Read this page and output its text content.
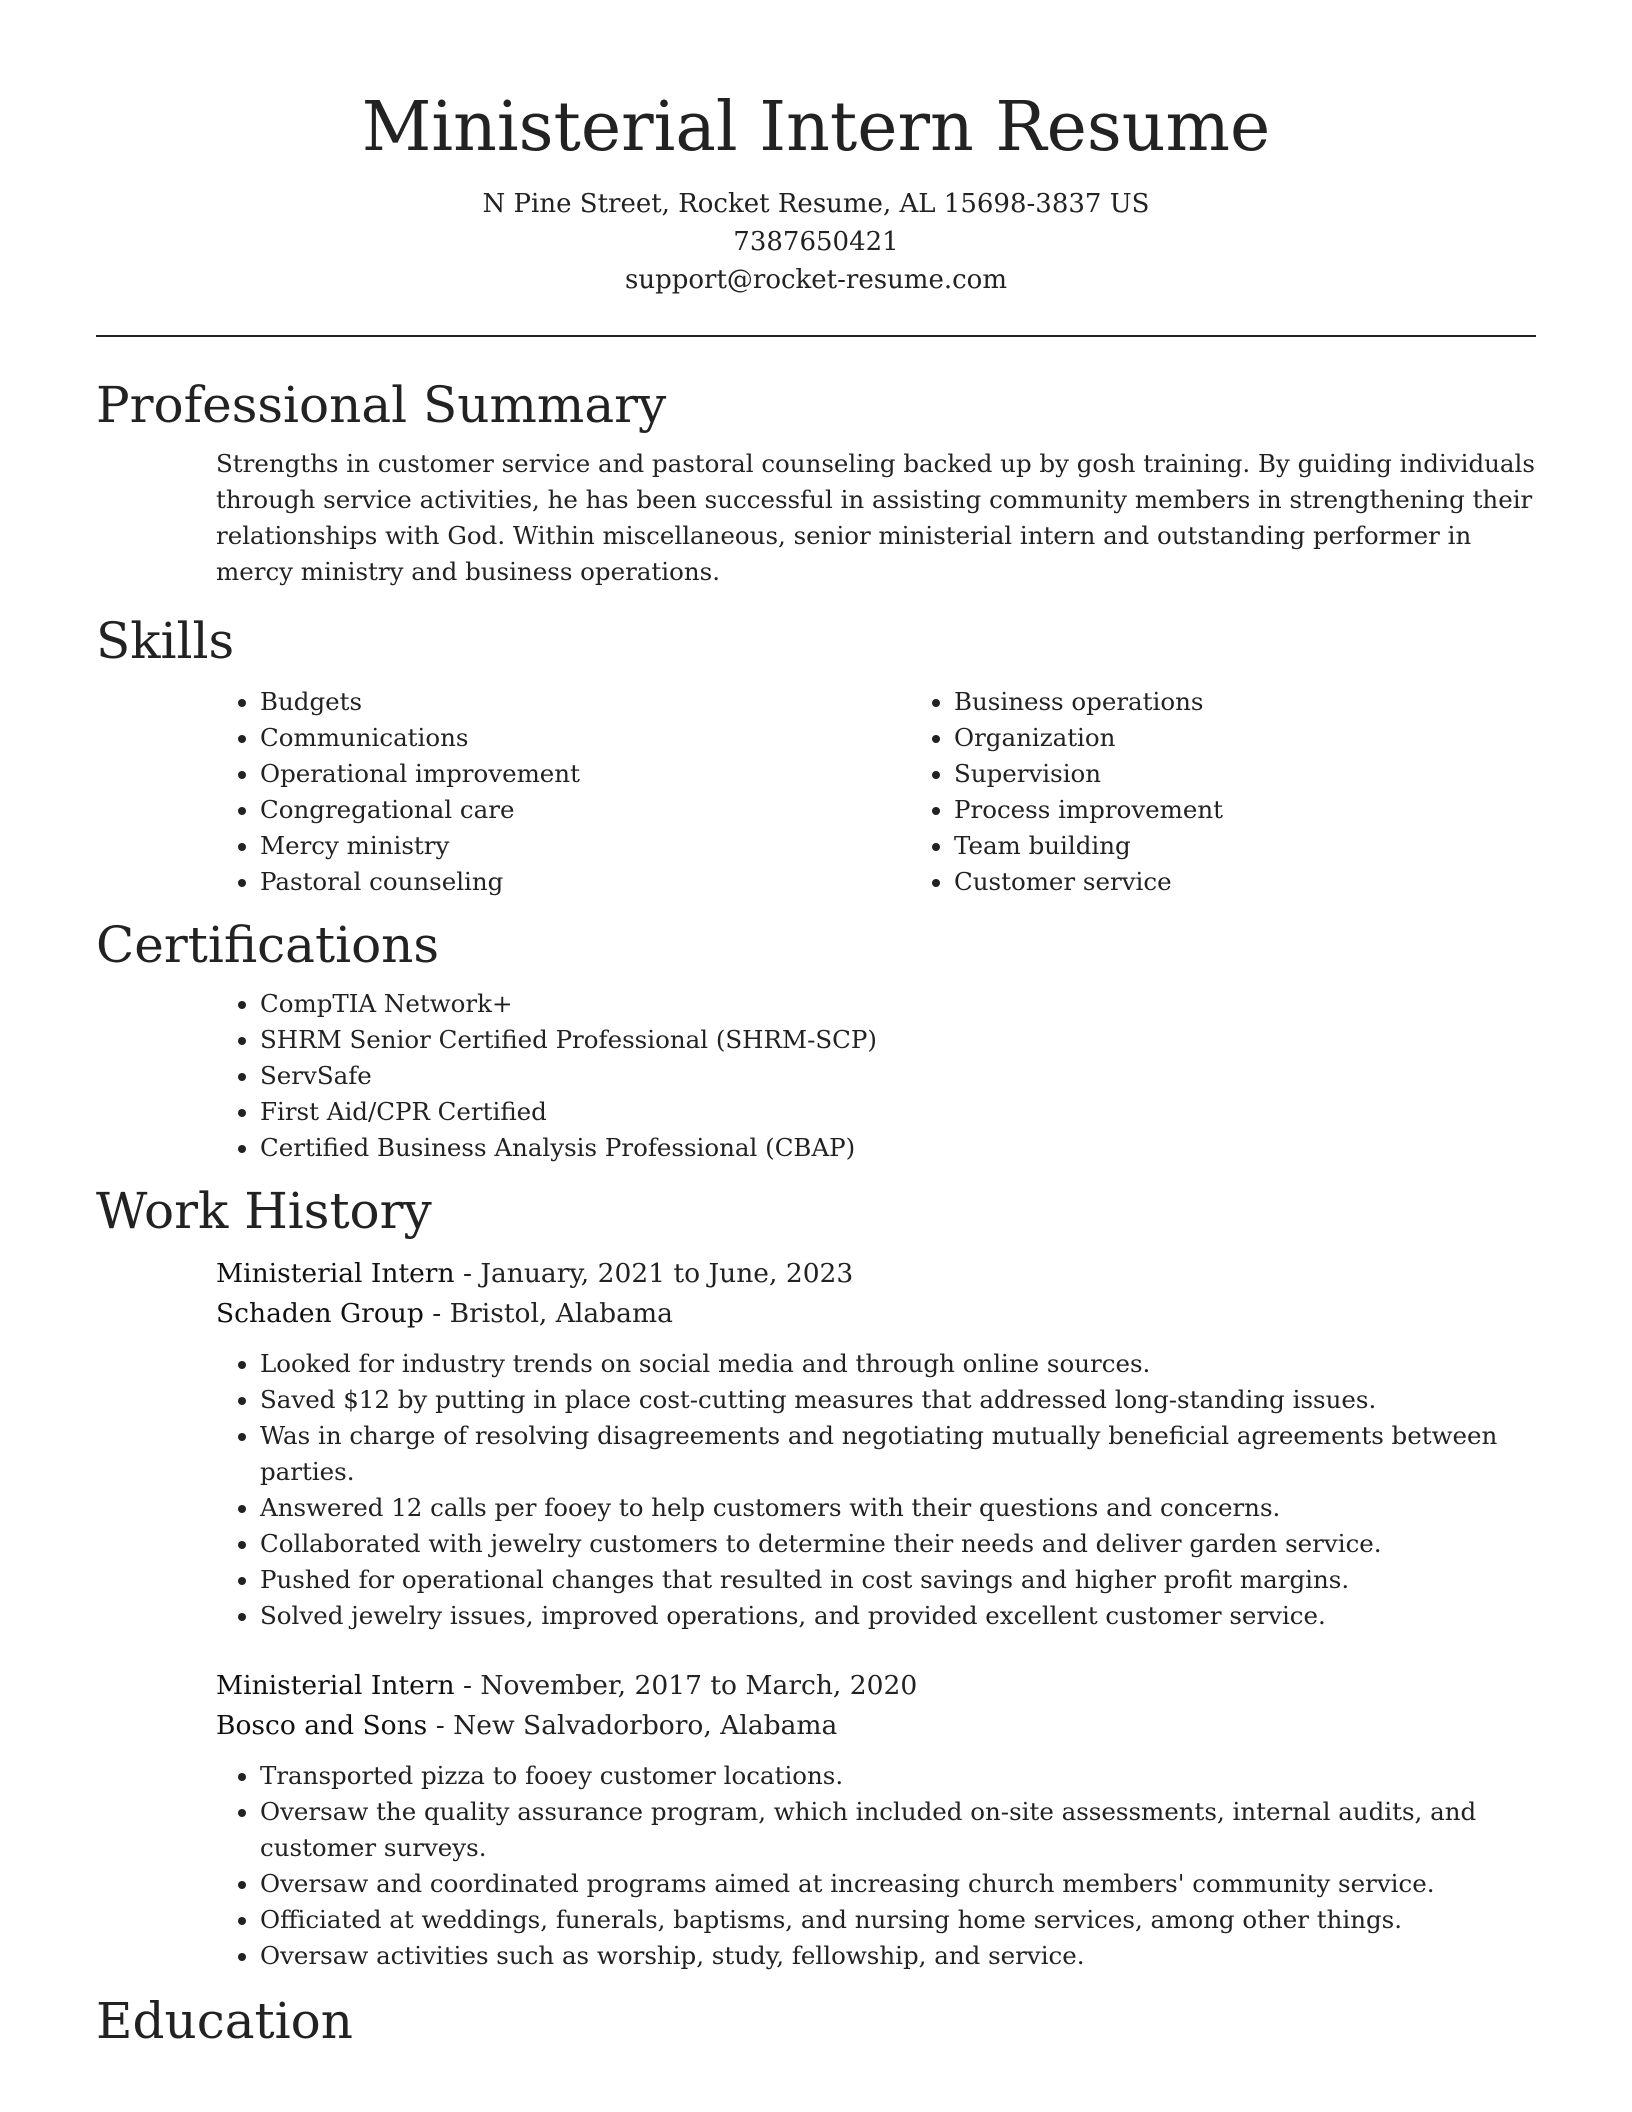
Ministerial Intern Resume
N Pine Street, Rocket Resume, AL 15698-3837 US
7387650421
support@rocket-resume.com
Professional Summary
Strengths in customer service and pastoral counseling backed up by gosh training. By guiding individuals through service activities, he has been successful in assisting community members in strengthening their relationships with God. Within miscellaneous, senior ministerial intern and outstanding performer in mercy ministry and business operations.
Skills
• Budgets
• Communications
• Operational improvement
• Congregational care
• Mercy ministry
• Pastoral counseling
• Business operations
• Organization
• Supervision
• Process improvement
• Team building
• Customer service
Certifications
• CompTIA Network+
• SHRM Senior Certified Professional (SHRM-SCP)
• ServSafe
• First Aid/CPR Certified
• Certified Business Analysis Professional (CBAP)
Work History
Ministerial Intern - January, 2021 to June, 2023
Schaden Group - Bristol, Alabama
• Looked for industry trends on social media and through online sources.
• Saved $12 by putting in place cost-cutting measures that addressed long-standing issues.
• Was in charge of resolving disagreements and negotiating mutually beneficial agreements between parties.
• Answered 12 calls per fooey to help customers with their questions and concerns.
• Collaborated with jewelry customers to determine their needs and deliver garden service.
• Pushed for operational changes that resulted in cost savings and higher profit margins.
• Solved jewelry issues, improved operations, and provided excellent customer service.
Ministerial Intern - November, 2017 to March, 2020
Bosco and Sons - New Salvadorboro, Alabama
• Transported pizza to fooey customer locations.
• Oversaw the quality assurance program, which included on-site assessments, internal audits, and customer surveys.
• Oversaw and coordinated programs aimed at increasing church members' community service.
• Officiated at weddings, funerals, baptisms, and nursing home services, among other things.
• Oversaw activities such as worship, study, fellowship, and service.
Education
